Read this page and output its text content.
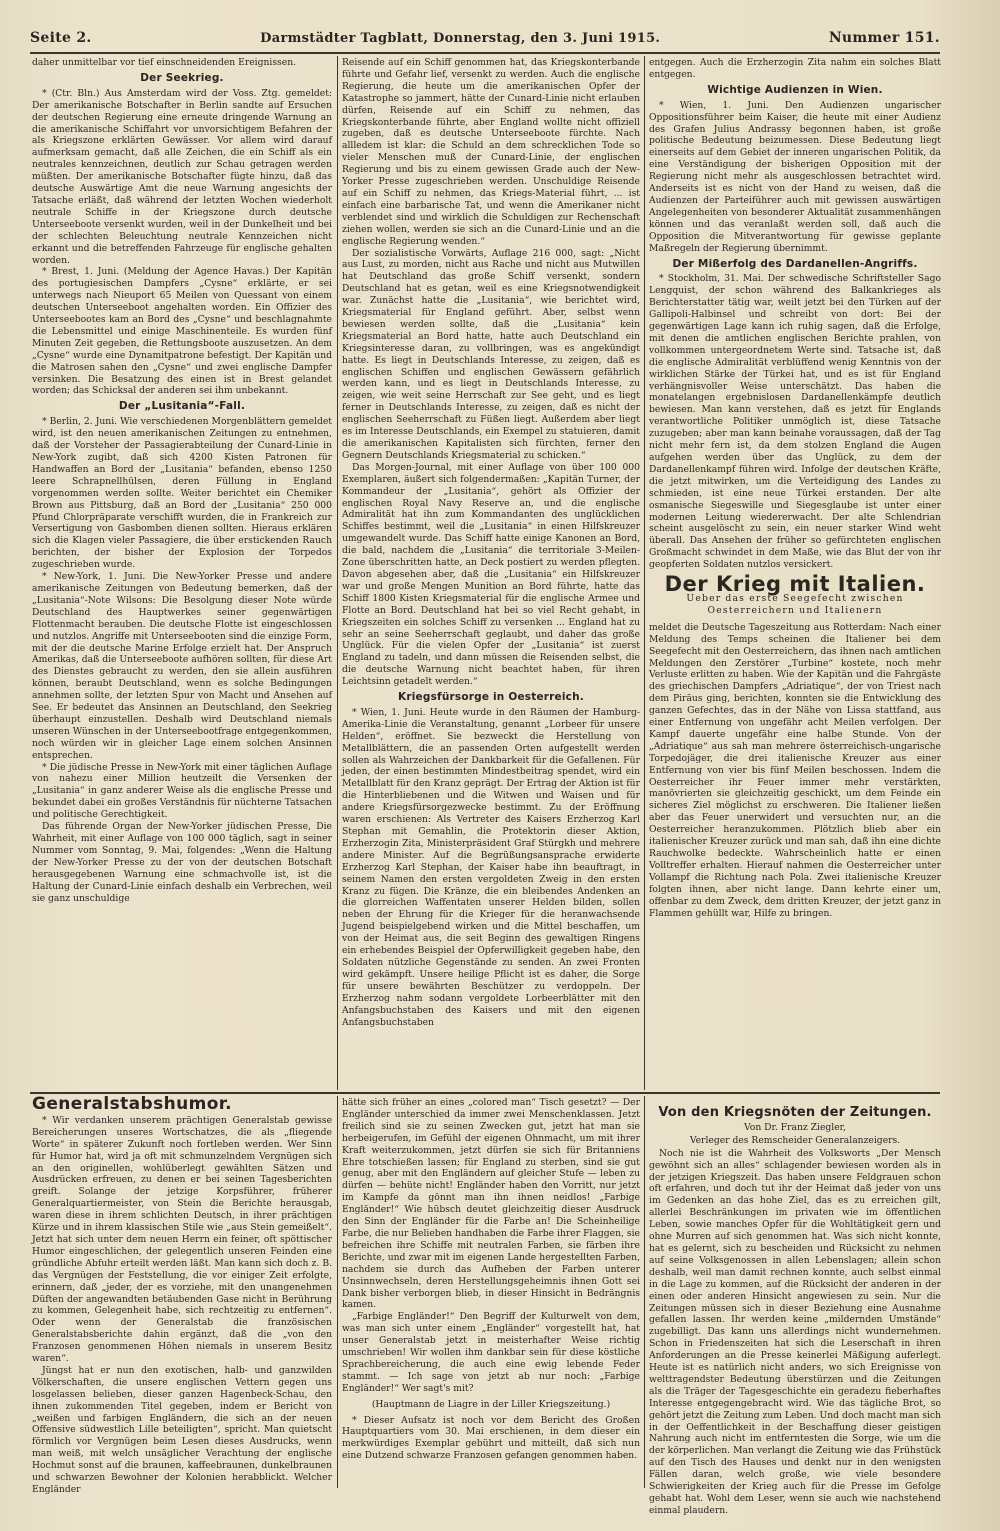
Seite 2.	Darmstädter Tagblatt, Donnerstag, den 3. Juni 1915.	Nummer 151.

daher unmittelbar vor tief einschneidenden Ereignissen.

Der Seekrieg.

* (Ctr. Bln.) Aus Amsterdam wird der Voss. Ztg. gemeldet: Der amerikanische Botschafter in Berlin sandte auf Ersuchen der deutschen Regierung eine erneute dringende Warnung an die amerikanische Schiffahrt vor unvorsichtigem Befahren der als Kriegszone erklärten Gewässer. Vor allem wird darauf aufmerksam gemacht, daß alle Zeichen, die ein Schiff als ein neutrales kennzeichnen, deutlich zur Schau getragen werden müßten. Der amerikanische Botschafter fügte hinzu, daß das deutsche Auswärtige Amt die neue Warnung angesichts der Tatsache erläßt, daß während der letzten Wochen wiederholt neutrale Schiffe in der Kriegszone durch deutsche Unterseeboote versenkt wurden, weil in der Dunkelheit und bei der schlechten Beleuchtung neutrale Kennzeichen nicht erkannt und die betreffenden Fahrzeuge für englische gehalten worden.

* Brest, 1. Juni. (Meldung der Agence Havas.) Der Kapitän des portugiesischen Dampfers „Cysne“ erklärte, er sei unterwegs nach Nieuport 65 Meilen von Quessant von einem deutschen Unterseeboot angehalten worden. Ein Offizier des Unterseebootes kam an Bord des „Cysne“ und beschlagnahmte die Lebensmittel und einige Maschinenteile. Es wurden fünf Minuten Zeit gegeben, die Rettungsboote auszusetzen. An dem „Cysne“ wurde eine Dynamitpatrone befestigt. Der Kapitän und die Matrosen sahen den „Cysne“ und zwei englische Dampfer versinken. Die Besatzung des einen ist in Brest gelandet worden; das Schicksal der anderen sei ihm unbekannt.

Der „Lusitania“-Fall.

* Berlin, 2. Juni. Wie verschiedenen Morgenblättern gemeldet wird, ist den neuen amerikanischen Zeitungen zu entnehmen, daß der Vorsteher der Passagierabteilung der Cunard-Linie in New-York zugibt, daß sich 4200 Kisten Patronen für Handwaffen an Bord der „Lusitania“ befanden, ebenso 1250 leere Schrapnellhülsen, deren Füllung in England vorgenommen werden sollte. Weiter berichtet ein Chemiker Brown aus Pittsburg, daß an Bord der „Lusitania“ 250 000 Pfund Chlorpräparate verschifft wurden, die in Frankreich zur Versertigung von Gasbomben dienen sollten. Hieraus erklären sich die Klagen vieler Passagiere, die über erstickenden Rauch berichten, der bisher der Explosion der Torpedos zugeschrieben wurde.

* New-York, 1. Juni. Die New-Yorker Presse und andere amerikanische Zeitungen von Bedeutung bemerken, daß der „Lusitania“-Note Wilsons: Die Besolgung dieser Note würde Deutschland des Hauptwerkes seiner gegenwärtigen Flottenmacht berauben. Die deutsche Flotte ist eingeschlossen und nutzlos. Angriffe mit Unterseebooten sind die einzige Form, mit der die deutsche Marine Erfolge erzielt hat. Der Anspruch Amerikas, daß die Unterseeboote aufhören sollten, für diese Art des Dienstes gebraucht zu werden, den sie allein ausführen können, beraubt Deutschland, wenn es solche Bedingungen annehmen sollte, der letzten Spur von Macht und Ansehen auf See. Er bedeutet das Ansinnen an Deutschland, den Seekrieg überhaupt einzustellen. Deshalb wird Deutschland niemals unseren Wünschen in der Unterseebootfrage entgegenkommen, noch würden wir in gleicher Lage einem solchen Ansinnen entsprechen.

* Die jüdische Presse in New-York mit einer täglichen Auflage von nahezu einer Million heutzeilt die Versenken der „Lusitania“ in ganz anderer Weise als die englische Presse und bekundet dabei ein großes Verständnis für nüchterne Tatsachen und politische Gerechtigkeit.

Das führende Organ der New-Yorker jüdischen Presse, Die Wahrheit, mit einer Auflage von 100 000 täglich, sagt in seiner Nummer vom Sonntag, 9. Mai, folgendes: „Wenn die Haltung der New-Yorker Presse zu der von der deutschen Botschaft herausgegebenen Warnung eine schmachvolle ist, ist die Haltung der Cunard-Linie einfach deshalb ein Verbrechen, weil sie ganz unschuldige

Reisende auf ein Schiff genommen hat, das Kriegskonterbande führte und Gefahr lief, versenkt zu werden. Auch die englische Regierung, die heute um die amerikanischen Opfer der Katastrophe so jammert, hätte der Cunard-Linie nicht erlauben dürfen, Reisende auf ein Schiff zu nehmen, das Kriegskonterbande führte, aber England wollte nicht offiziell zugeben, daß es deutsche Unterseeboote fürchte. Nach allledem ist klar: die Schuld an dem schrecklichen Tode so vieler Menschen muß der Cunard-Linie, der englischen Regierung und bis zu einem gewissen Grade auch der New-Yorker Presse zugeschrieben werden. Unschuldige Reisende auf ein Schiff zu nehmen, das Kriegs-Material führt, ... ist einfach eine barbarische Tat, und wenn die Amerikaner nicht verblendet sind und wirklich die Schuldigen zur Rechenschaft ziehen wollen, werden sie sich an die Cunard-Linie und an die englische Regierung wenden.“

Der sozialistische Vorwärts, Auflage 216 000, sagt: „Nicht aus Lust, zu morden, nicht aus Rache und nicht aus Mutwillen hat Deutschland das große Schiff versenkt, sondern Deutschland hat es getan, weil es eine Kriegsnotwendigkeit war. Zunächst hatte die „Lusitania“, wie berichtet wird, Kriegsmaterial für England geführt. Aber, selbst wenn bewiesen werden sollte, daß die „Lusitania“ kein Kriegsmaterial an Bord hatte, hatte auch Deutschland ein Kriegsinteresse daran, zu vollbringen, was es angekündigt hatte. Es liegt in Deutschlands Interesse, zu zeigen, daß es englischen Schiffen und englischen Gewässern gefährlich werden kann, und es liegt in Deutschlands Interesse, zu zeigen, wie weit seine Herrschaft zur See geht, und es liegt ferner in Deutschlands Interesse, zu zeigen, daß es nicht der englischen Seeherrschaft zu Füßen liegt. Außerdem aber liegt es im Interesse Deutschlands, ein Exempel zu statuieren, damit die amerikanischen Kapitalisten sich fürchten, ferner den Gegnern Deutschlands Kriegsmaterial zu schicken.“

Das Morgen-Journal, mit einer Auflage von über 100 000 Exemplaren, äußert sich folgendermaßen: „Kapitän Turner, der Kommandeur der „Lusitania“, gehört als Offizier der englischen Royal Navy Reserve an, und die englische Admiralität hat ihn zum Kommandanten des unglücklichen Schiffes bestimmt, weil die „Lusitania“ in einen Hilfskreuzer umgewandelt wurde. Das Schiff hatte einige Kanonen an Bord, die bald, nachdem die „Lusitania“ die territoriale 3-Meilen-Zone überschritten hatte, an Deck postiert zu werden pflegten. Davon abgesehen aber, daß die „Lusitania“ ein Hilfskreuzer war und große Mengen Munition an Bord führte, hatte das Schiff 1800 Kisten Kriegsmaterial für die englische Armee und Flotte an Bord. Deutschland hat bei so viel Recht gehabt, in Kriegszeiten ein solches Schiff zu versenken ... England hat zu sehr an seine Seeherrschaft geglaubt, und daher das große Unglück. Für die vielen Opfer der „Lusitania“ ist zuerst England zu tadeln, und dann müssen die Reisenden selbst, die die deutsche Warnung nicht beachtet haben, für ihren Leichtsinn getadelt werden.“

Kriegsfürsorge in Oesterreich.

* Wien, 1. Juni. Heute wurde in den Räumen der Hamburg-Amerika-Linie die Veranstaltung, genannt „Lorbeer für unsere Helden“, eröffnet. Sie bezweckt die Herstellung von Metallblättern, die an passenden Orten aufgestellt werden sollen als Wahrzeichen der Dankbarkeit für die Gefallenen. Für jeden, der einen bestimmten Mindestbeitrag spendet, wird ein Metallblatt für den Kranz geprägt. Der Ertrag der Aktion ist für die Hinterbliebenen und die Witwen und Waisen und für andere Kriegsfürsorgezwecke bestimmt. Zu der Eröffnung waren erschienen: Als Vertreter des Kaisers Erzherzog Karl Stephan mit Gemahlin, die Protektorin dieser Aktion, Erzherzogin Zita, Ministerpräsident Graf Stürgkh und mehrere andere Minister. Auf die Begrüßungsansprache erwiderte Erzherzog Karl Stephan, der Kaiser habe ihn beauftragt, in seinem Namen den ersten vergoldeten Zweig in den ersten Kranz zu fügen. Die Kränze, die ein bleibendes Andenken an die glorreichen Waffentaten unserer Helden bilden, sollen neben der Ehrung für die Krieger für die heranwachsende Jugend beispielgebend wirken und die Mittel beschaffen, um von der Heimat aus, die seit Beginn des gewaltigen Ringens ein erhebendes Beispiel der Opferwilligkeit gegeben habe, den Soldaten nützliche Gegenstände zu senden. An zwei Fronten wird gekämpft. Unsere heilige Pflicht ist es daher, die Sorge für unsere bewährten Beschützer zu verdoppeln. Der Erzherzog nahm sodann vergoldete Lorbeerblätter mit den Anfangsbuchstaben des Kaisers und mit den eigenen Anfangsbuchstaben

entgegen. Auch die Erzherzogin Zita nahm ein solches Blatt entgegen.

Wichtige Audienzen in Wien.

* Wien, 1. Juni. Den Audienzen ungarischer Oppositionsführer beim Kaiser, die heute mit einer Audienz des Grafen Julius Andrassy begonnen haben, ist große politische Bedeutung beizumessen. Diese Bedeutung liegt einerseits auf dem Gebiet der inneren ungarischen Politik, da eine Verständigung der bisherigen Opposition mit der Regierung nicht mehr als ausgeschlossen betrachtet wird. Anderseits ist es nicht von der Hand zu weisen, daß die Audienzen der Parteiführer auch mit gewissen auswärtigen Angelegenheiten von besonderer Aktualität zusammenhängen können und das veranlaßt werden soll, daß auch die Opposition die Mitverantwortung für gewisse geplante Maßregeln der Regierung übernimmt.

Der Mißerfolg des Dardanellen-Angriffs.

* Stockholm, 31. Mai. Der schwedische Schriftsteller Sago Lengquist, der schon während des Balkankrieges als Berichterstatter tätig war, weilt jetzt bei den Türken auf der Gallipoli-Halbinsel und schreibt von dort: Bei der gegenwärtigen Lage kann ich ruhig sagen, daß die Erfolge, mit denen die amtlichen englischen Berichte prahlen, von vollkommen untergeordnetem Werte sind. Tatsache ist, daß die englische Admiralität verblüffend wenig Kenntnis von der wirklichen Stärke der Türkei hat, und es ist für England verhängnisvoller Weise unterschätzt. Das haben die monatelangen ergebnislosen Dardanellenkämpfe deutlich bewiesen. Man kann verstehen, daß es jetzt für Englands verantwortliche Politiker unmöglich ist, diese Tatsache zuzugeben; aber man kann beinahe voraussagen, daß der Tag nicht mehr fern ist, da dem stolzen England die Augen aufgehen werden über das Unglück, zu dem der Dardanellenkampf führen wird. Infolge der deutschen Kräfte, die jetzt mitwirken, um die Verteidigung des Landes zu schmieden, ist eine neue Türkei erstanden. Der alte osmanische Siegeswille und Siegesglaube ist unter einer modernen Leitung wiedererwacht. Der alte Schlendrian scheint ausgelöscht zu sein, ein neuer starker Wind weht überall. Das Ansehen der früher so gefürchteten englischen Großmacht schwindet in dem Maße, wie das Blut der von ihr geopferten Soldaten nutzlos versickert.

Der Krieg mit Italien.
Ueber das erste Seegefecht zwischen Oesterreichern und Italienern

meldet die Deutsche Tageszeitung aus Rotterdam: Nach einer Meldung des Temps scheinen die Italiener bei dem Seegefecht mit den Oesterreichern, das ihnen nach amtlichen Meldungen den Zerstörer „Turbine“ kostete, noch mehr Verluste erlitten zu haben. Wie der Kapitän und die Fahrgäste des griechischen Dampfers „Adriatique“, der von Triest nach dem Piräus ging, berichten, konnten sie die Entwicklung des ganzen Gefechtes, das in der Nähe von Lissa stattfand, aus einer Entfernung von ungefähr acht Meilen verfolgen. Der Kampf dauerte ungefähr eine halbe Stunde. Von der „Adriatique“ aus sah man mehrere österreichisch-ungarische Torpedojäger, die drei italienische Kreuzer aus einer Entfernung von vier bis fünf Meilen beschossen. Indem die Oesterreicher ihr Feuer immer mehr verstärkten, manövrierten sie gleichzeitig geschickt, um dem Feinde ein sicheres Ziel möglichst zu erschweren. Die Italiener ließen aber das Feuer unerwidert und versuchten nur, an die Oesterreicher heranzukommen. Plötzlich blieb aber ein italienischer Kreuzer zurück und man sah, daß ihn eine dichte Rauchwolke bedeckte. Wahrscheinlich hatte er einen Volltreffer erhalten. Hierauf nahmen die Oesterreicher unter Vollampf die Richtung nach Pola. Zwei italienische Kreuzer folgten ihnen, aber nicht lange. Dann kehrte einer um, offenbar zu dem Zweck, dem dritten Kreuzer, der jetzt ganz in Flammen gehüllt war, Hilfe zu bringen.

Generalstabshumor.

* Wir verdanken unserem prächtigen Generalstab gewisse Bereicherungen unseres Wortschatzes, die als „fliegende Worte“ in späterer Zukunft noch fortleben werden. Wer Sinn für Humor hat, wird ja oft mit schmunzelndem Vergnügen sich an den originellen, wohlüberlegt gewählten Sätzen und Ausdrücken erfreuen, zu denen er bei seinen Tagesberichten greift. Solange der jetzige Korpsführer, früherer Generalquartiermeister, von Stein die Berichte herausgab, waren diese in ihrem schlichten Deutsch, in ihrer prächtigen Kürze und in ihrem klassischen Stile wie „aus Stein gemeißelt“. Jetzt hat sich unter dem neuen Herrn ein feiner, oft spöttischer Humor eingeschlichen, der gelegentlich unseren Feinden eine gründliche Abfuhr erteilt werden läßt. Man kann sich doch z. B. das Vergnügen der Feststellung, die vor einiger Zeit erfolgte, erinnern, daß „jeder, der es vorziehe, mit den unangenehmen Düften der angewandten betäubenden Gase nicht in Berührung zu kommen, Gelegenheit habe, sich rechtzeitig zu entfernen“. Oder wenn der Generalstab die französischen Generalstabsberichte dahin ergänzt, daß die „von den Franzosen genommenen Höhen niemals in unserem Besitz waren“.

Jüngst hat er nun den exotischen, halb- und ganzwilden Völkerschaften, die unsere englischen Vettern gegen uns losgelassen belieben, dieser ganzen Hagenbeck-Schau, den ihnen zukommenden Titel gegeben, indem er Bericht von „weißen und farbigen Engländern, die sich an der neuen Offensive südwestlich Lille beteiligten“, spricht. Man quietscht förmlich vor Vergnügen beim Lesen dieses Ausdrucks, wenn man weiß, mit welch unsäglicher Verachtung der englische Hochmut sonst auf die braunen, kaffeebraunen, dunkelbraunen und schwarzen Bewohner der Kolonien herabblickt. Welcher Engländer

hätte sich früher an eines „colored man“ Tisch gesetzt? — Der Engländer unterschied da immer zwei Menschenklassen. Jetzt freilich sind sie zu seinen Zwecken gut, jetzt hat man sie herbeigerufen, im Gefühl der eigenen Ohnmacht, um mit ihrer Kraft weiterzukommen, jetzt dürfen sie sich für Britanniens Ehre totschießen lassen; für England zu sterben, sind sie gut genug, aber mit den Engländern auf gleicher Stufe — leben zu dürfen — behüte nicht! Engländer haben den Vorritt, nur jetzt im Kampfe da gönnt man ihn ihnen neidlos! „Farbige Engländer!“ Wie hübsch deutet gleichzeitig dieser Ausdruck den Sinn der Engländer für die Farbe an! Die Scheinheilige Farbe, die nur Belieben handhaben die Farbe ihrer Flaggen, sie befreichen ihre Schiffe mit neutralen Farben, sie färben ihre Berichte, und zwar mit im eigenen Lande hergestellten Farben, nachdem sie durch das Aufheben der Farben unterer Unsinnwechseln, deren Herstellungsgeheimnis ihnen Gott sei Dank bisher verborgen blieb, in dieser Hinsicht in Bedrängnis kamen.

„Farbige Engländer!“ Den Begriff der Kulturwelt von dem, was man sich unter einem „Engländer“ vorgestellt hat, hat unser Generalstab jetzt in meisterhafter Weise richtig umschrieben! Wir wollen ihm dankbar sein für diese köstliche Sprachbereicherung, die auch eine ewig lebende Feder stammt. — Ich sage von jetzt ab nur noch: „Farbige Engländer!“ Wer sagt's mit?

(Hauptmann de Liagre in der Liller Kriegszeitung.)

* Dieser Aufsatz ist noch vor dem Bericht des Großen Hauptquartiers vom 30. Mai erschienen, in dem dieser ein merkwürdiges Exemplar gebührt und mitteilt, daß sich nun eine Dutzend schwarze Franzosen gefangen genommen haben.

Von den Kriegsnöten der Zeitungen.
Von Dr. Franz Ziegler,
Verleger des Remscheider Generalanzeigers.

Noch nie ist die Wahrheit des Volksworts „Der Mensch gewöhnt sich an alles“ schlagender bewiesen worden als in der jetzigen Kriegszeit. Das haben unsere Feldgrauen schon oft erfahren, und doch tut ihr der Heimat daß jeder von uns im Gedenken an das hohe Ziel, das es zu erreichen gilt, allerlei Beschränkungen im privaten wie im öffentlichen Leben, sowie manches Opfer für die Wohltätigkeit gern und ohne Murren auf sich genommen hat. Was sich nicht konnte, hat es gelernt, sich zu bescheiden und Rücksicht zu nehmen auf seine Volksgenossen in allen Lebenslagen; allein schon deshalb, weil man damit rechnen konnte, auch selbst einmal in die Lage zu kommen, auf die Rücksicht der anderen in der einen oder anderen Hinsicht angewiesen zu sein. Nur die Zeitungen müssen sich in dieser Beziehung eine Ausnahme gefallen lassen. Ihr werden keine „mildernden Umstände“ zugebilligt. Das kann uns allerdings nicht wundernehmen. Schon in Friedenszeiten hat sich die Leserschaft in ihren Anforderungen an die Presse keinerlei Mäßigung auferlegt. Heute ist es natürlich nicht anders, wo sich Ereignisse von welttragendster Bedeutung überstürzen und die Zeitungen als die Träger der Tagesgeschichte ein geradezu fieberhaftes Interesse entgegengebracht wird. Wie das tägliche Brot, so gehört jetzt die Zeitung zum Leben. Und doch macht man sich in der Oeffentlichkeit in der Beschaffung dieser geistigen Nahrung auch nicht im entferntesten die Sorge, wie um die der körperlichen. Man verlangt die Zeitung wie das Frühstück auf den Tisch des Hauses und denkt nur in den wenigsten Fällen daran, welch große, wie viele besondere Schwierigkeiten der Krieg auch für die Presse im Gefolge gehabt hat. Wohl dem Leser, wenn sie auch wie nachstehend einmal plaudern.
